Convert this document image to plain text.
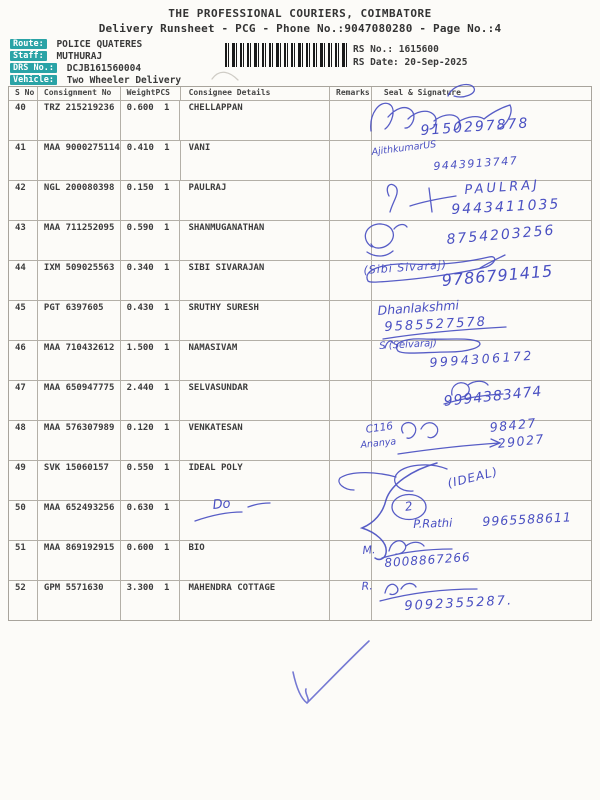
THE PROFESSIONAL COURIERS, COIMBATORE
Delivery Runsheet - PCG - Phone No.:9047080280 - Page No.:4
Route: POLICE QUATERES
Staff: MUTHURAJ
DRS No.: DCJB161560004
Vehicle: Two Wheeler Delivery
RS No.: 1615600
RS Date: 20-Sep-2025
S No	Consignment No	Weight PCS	Consignee Details	Remarks	Seal & Signature
40	TRZ 215219236	0.600 1	CHELLAPPAN
41	MAA 9000275114 0.410 1	VANI
42	NGL 200080398	0.150 1	PAULRAJ
43	MAA 711252095	0.590 1	SHANMUGANATHAN
44	IXM 509025563	0.340 1	SIBI SIVARAJAN
45	PGT 6397605	0.430 1	SRUTHY SURESH
46	MAA 710432612	1.500 1	NAMASIVAM
47	MAA 650947775	2.440 1	SELVASUNDAR
48	MAA 576307989	0.120 1	VENKATESAN
49	SVK 15060157	0.550 1	IDEAL POLY
50	MAA 652493256	0.630 1
51	MAA 869192915	0.600 1	BIO
52	GPM 5571630	3.300 1	MAHENDRA COTTAGE
9150297878
AjithkumarUS
9443913747
PAULRAJ
9443411035
8754203256
(Sibi Sivaraj)
9786791415
Dhanlakshmi
9585527578
S (Selvaraj)
9994306172
9994383474
C116	98427
29027
Ananya
(IDEAL)
2
P.Rathi 9965588611
Do
M. 8008867266
R.
9092355287.
